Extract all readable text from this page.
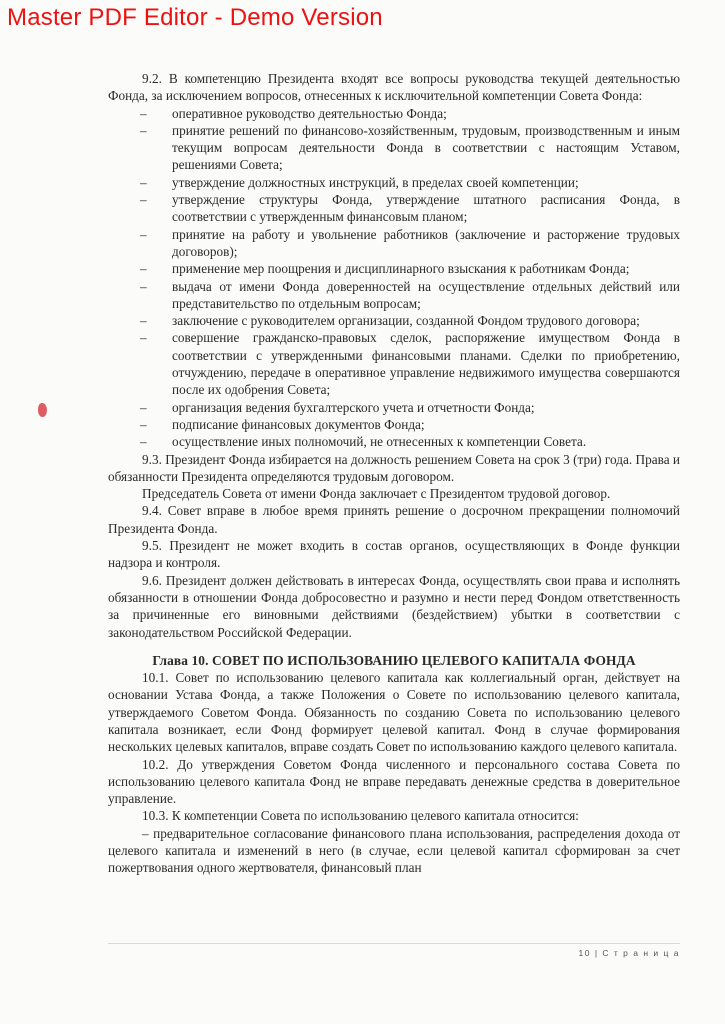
Master PDF Editor - Demo Version

9.2. В компетенцию Президента входят все вопросы руководства текущей деятельностью Фонда, за исключением вопросов, отнесенных к исключительной компетенции Совета Фонда:

–	оперативное руководство деятельностью Фонда;
–	принятие решений по финансово-хозяйственным, трудовым, производственным и иным текущим вопросам деятельности Фонда в соответствии с настоящим Уставом, решениями Совета;
–	утверждение должностных инструкций, в пределах своей компетенции;
–	утверждение структуры Фонда, утверждение штатного расписания Фонда, в соответствии с утвержденным финансовым планом;
–	принятие на работу и увольнение работников (заключение и расторжение трудовых договоров);
–	применение мер поощрения и дисциплинарного взыскания к работникам Фонда;
–	выдача от имени Фонда доверенностей на осуществление отдельных действий или представительство по отдельным вопросам;
–	заключение с руководителем организации, созданной Фондом трудового договора;
–	совершение гражданско-правовых сделок, распоряжение имуществом Фонда в соответствии с утвержденными финансовыми планами. Сделки по приобретению, отчуждению, передаче в оперативное управление недвижимого имущества совершаются после их одобрения Совета;
–	организация ведения бухгалтерского учета и отчетности Фонда;
–	подписание финансовых документов Фонда;
–	осуществление иных полномочий, не отнесенных к компетенции Совета.

9.3. Президент Фонда избирается на должность решением Совета на срок 3 (три) года. Права и обязанности Президента определяются трудовым договором.

Председатель Совета от имени Фонда заключает с Президентом трудовой договор.

9.4. Совет вправе в любое время принять решение о досрочном прекращении полномочий Президента Фонда.

9.5. Президент не может входить в состав органов, осуществляющих в Фонде функции надзора и контроля.

9.6. Президент должен действовать в интересах Фонда, осуществлять свои права и исполнять обязанности в отношении Фонда добросовестно и разумно и нести перед Фондом ответственность за причиненные его виновными действиями (бездействием) убытки в соответствии с законодательством Российской Федерации.

Глава 10. СОВЕТ ПО ИСПОЛЬЗОВАНИЮ ЦЕЛЕВОГО КАПИТАЛА ФОНДА

10.1. Совет по использованию целевого капитала как коллегиальный орган, действует на основании Устава Фонда, а также Положения о Совете по использованию целевого капитала, утверждаемого Советом Фонда. Обязанность по созданию Совета по использованию целевого капитала возникает, если Фонд формирует целевой капитал. Фонд в случае формирования нескольких целевых капиталов, вправе создать Совет по использованию каждого целевого капитала.

10.2. До утверждения Советом Фонда численного и персонального состава Совета по использованию целевого капитала Фонд не вправе передавать денежные средства в доверительное управление.

10.3. К компетенции Совета по использованию целевого капитала относится:

– предварительное согласование финансового плана использования, распределения дохода от целевого капитала и изменений в него (в случае, если целевой капитал сформирован за счет пожертвования одного жертвователя, финансовый план

10 | С т р а н и ц а
